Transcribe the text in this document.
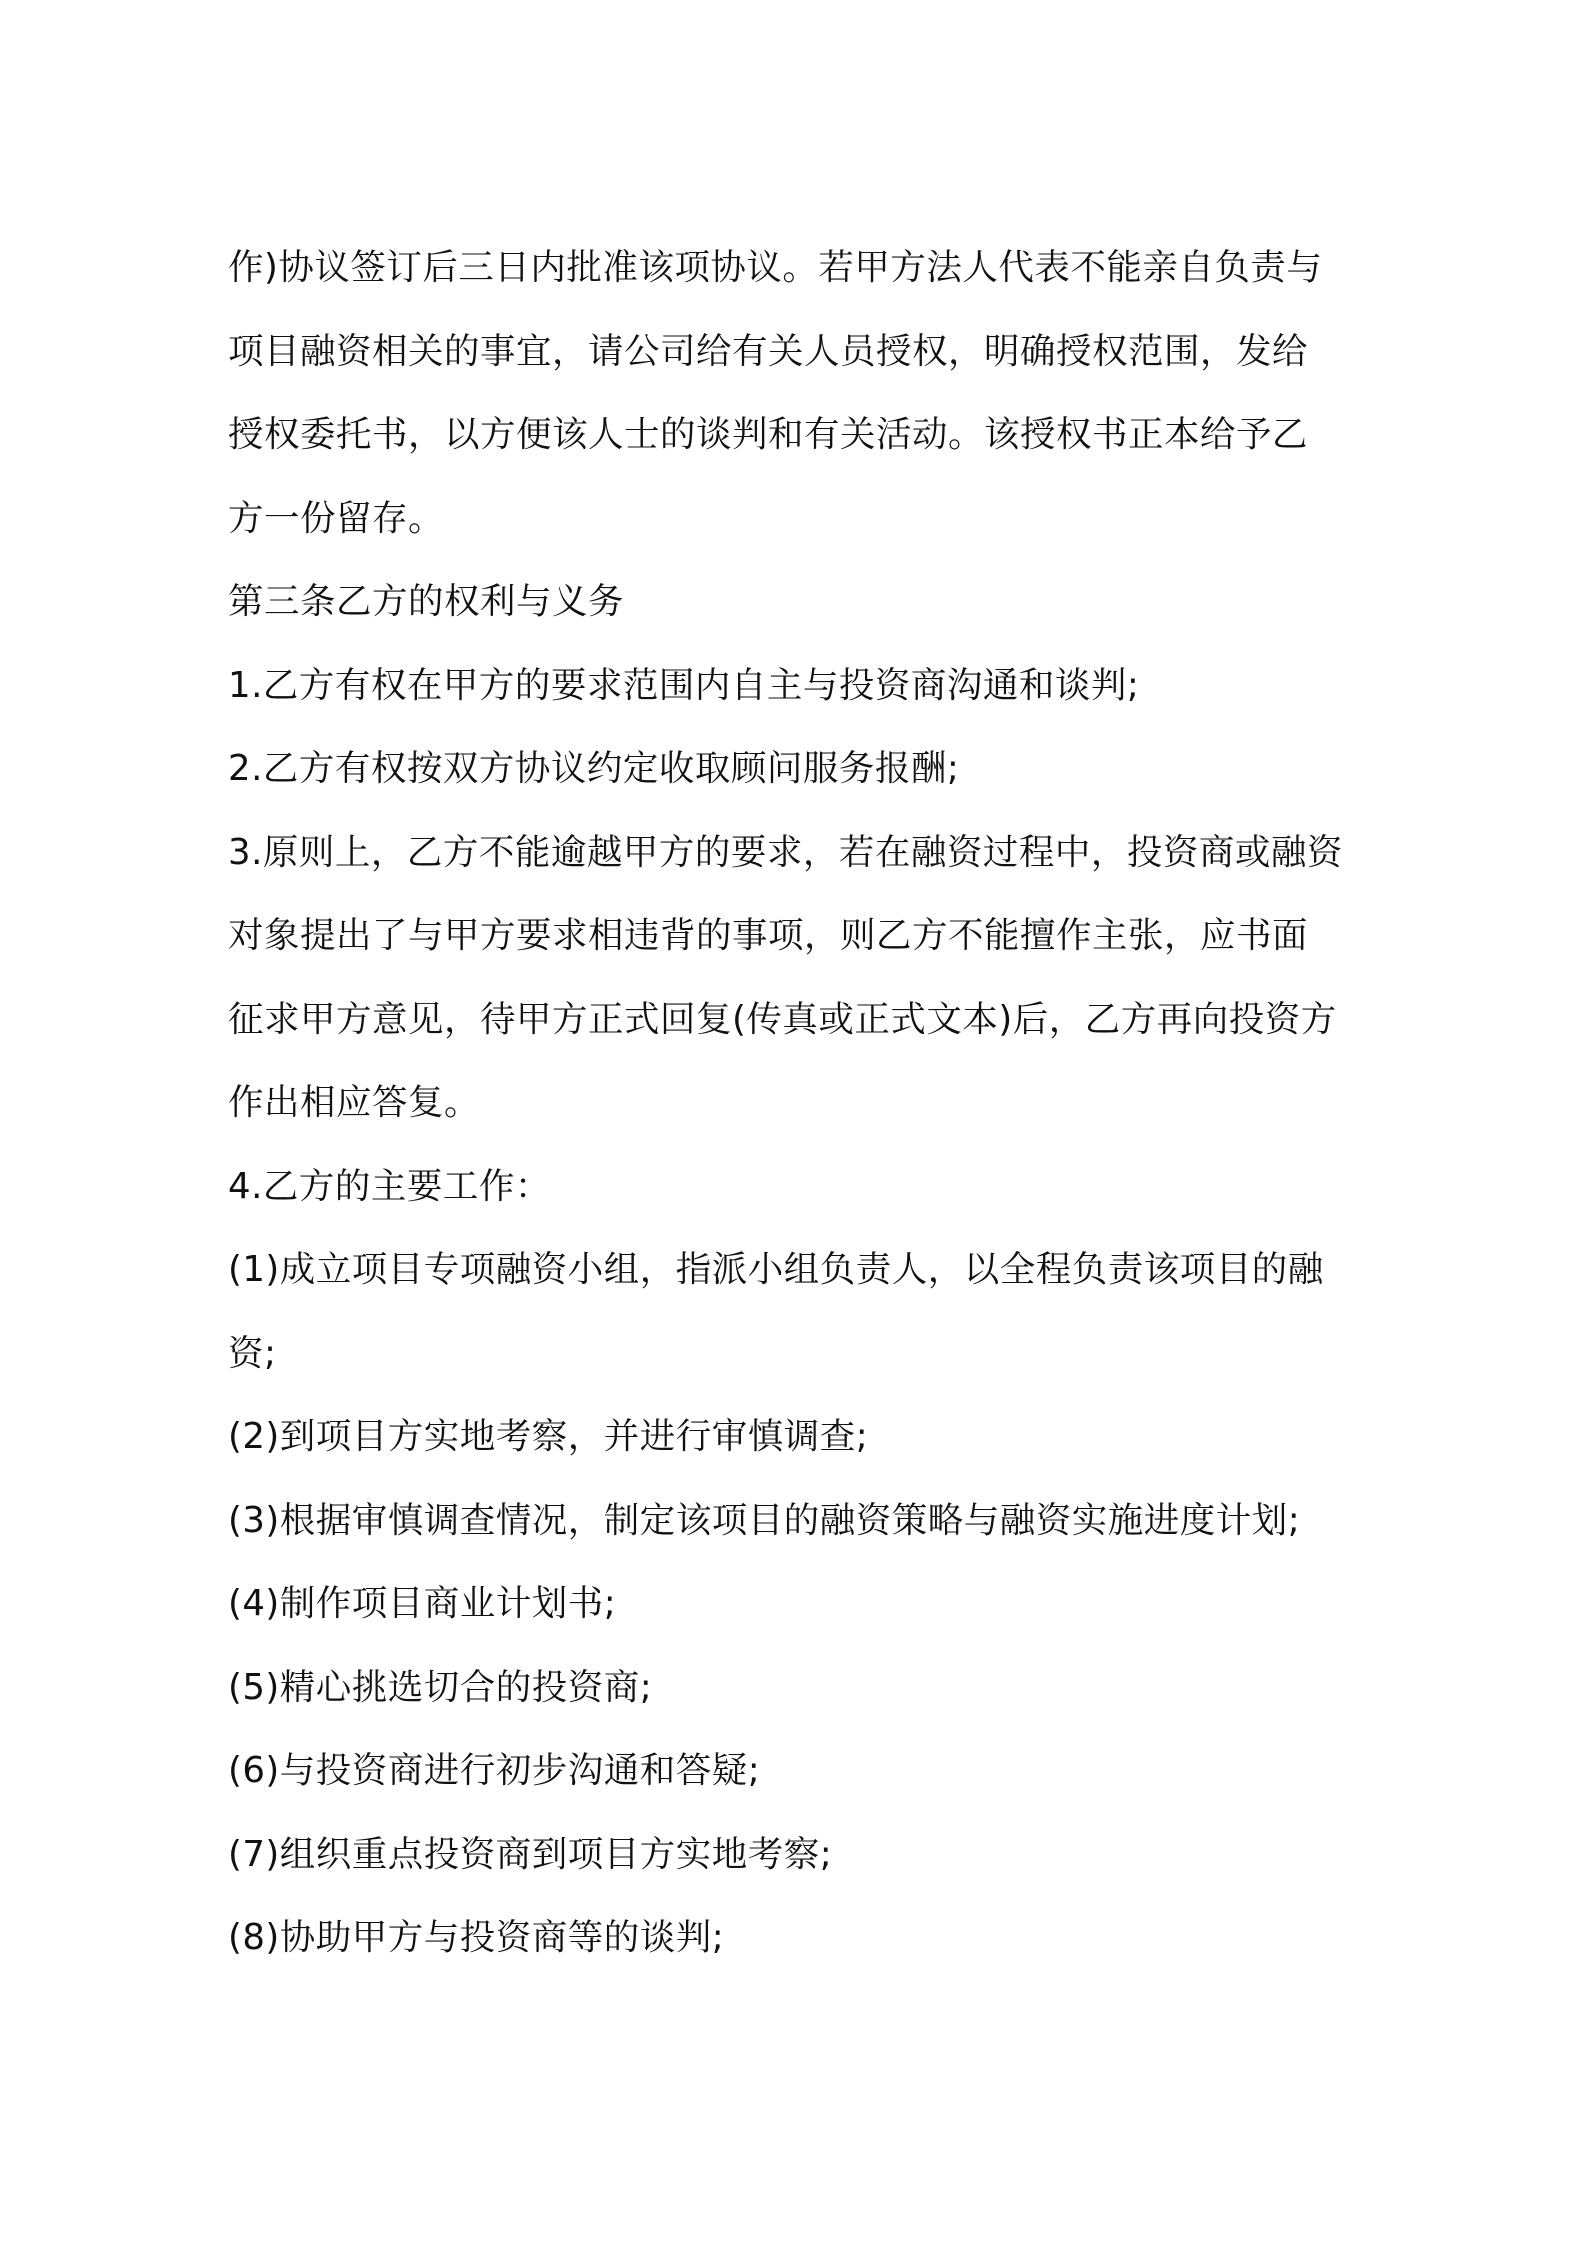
作)协议签订后三日内批准该项协议。若甲方法人代表不能亲自负责与
项目融资相关的事宜，请公司给有关人员授权，明确授权范围，发给
授权委托书，以方便该人士的谈判和有关活动。该授权书正本给予乙
方一份留存。
第三条乙方的权利与义务
1.乙方有权在甲方的要求范围内自主与投资商沟通和谈判;
2.乙方有权按双方协议约定收取顾问服务报酬;
3.原则上，乙方不能逾越甲方的要求，若在融资过程中，投资商或融资
对象提出了与甲方要求相违背的事项，则乙方不能擅作主张，应书面
征求甲方意见，待甲方正式回复(传真或正式文本)后，乙方再向投资方
作出相应答复。
4.乙方的主要工作：
(1)成立项目专项融资小组，指派小组负责人，以全程负责该项目的融
资;
(2)到项目方实地考察，并进行审慎调查;
(3)根据审慎调查情况，制定该项目的融资策略与融资实施进度计划;
(4)制作项目商业计划书;
(5)精心挑选切合的投资商;
(6)与投资商进行初步沟通和答疑;
(7)组织重点投资商到项目方实地考察;
(8)协助甲方与投资商等的谈判;
